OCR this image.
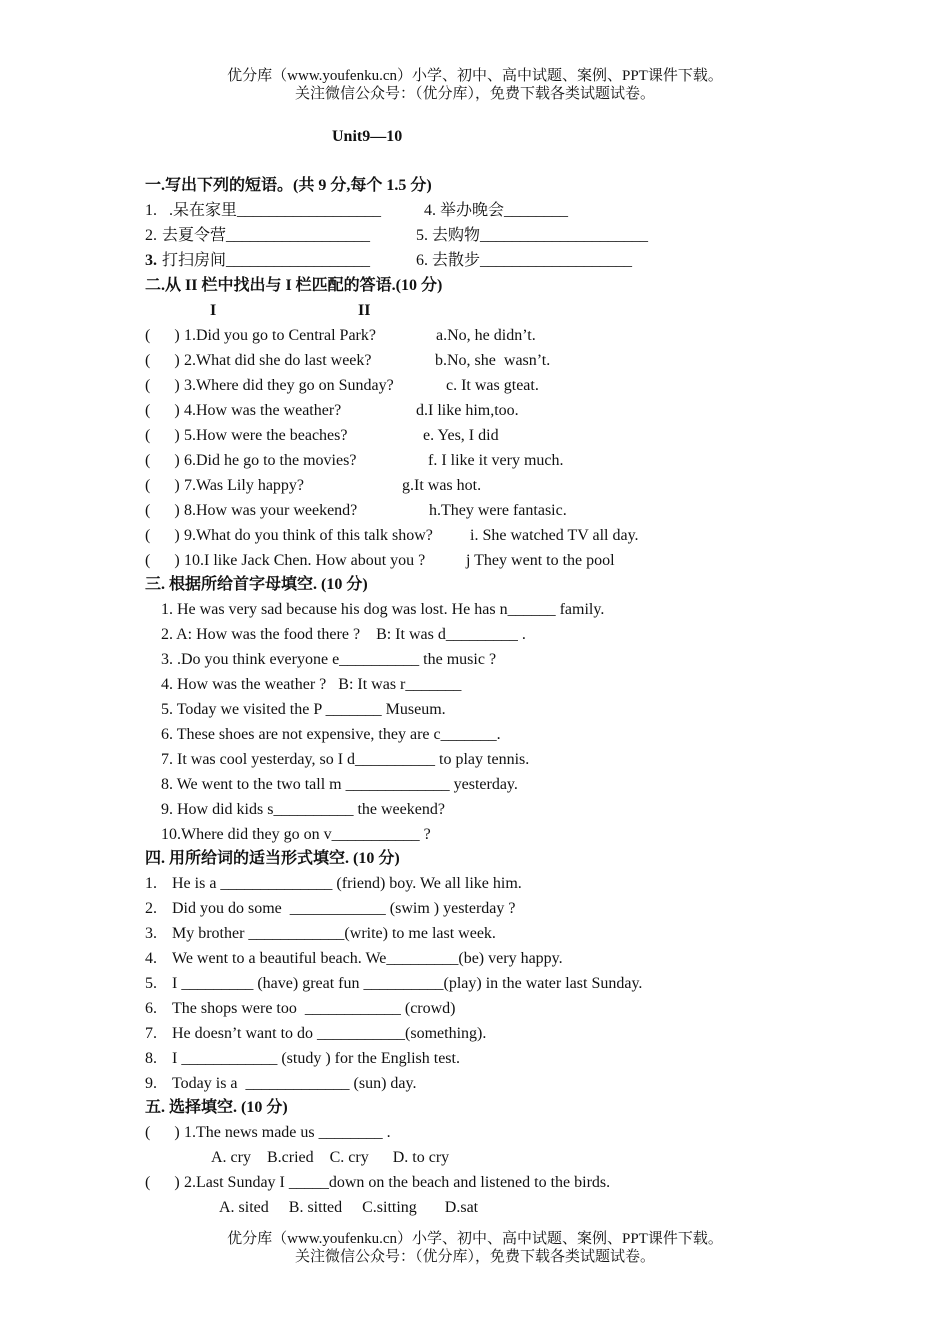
优分库（www.youfenku.cn）小学、初中、高中试题、案例、PPT课件下载。
关注微信公众号：（优分库），免费下载各类试题试卷。
Unit9—10
一.写出下列的短语。(共 9 分,每个 1.5 分)
1. .呆在家里__________________	4. 举办晚会________
2. 去夏令营__________________	5. 去购物_____________________
3. 打扫房间__________________	6. 去散步___________________
二.从 II 栏中找出与 I 栏匹配的答语.(10 分)
I	II
(      ) 1.Did you go to Central Park?	a.No, he didn’t.
(      ) 2.What did she do last week?	b.No, she  wasn’t.
(      ) 3.Where did they go on Sunday?	c. It was gteat.
(      ) 4.How was the weather?	d.I like him,too.
(      ) 5.How were the beaches?	e. Yes, I did
(      ) 6.Did he go to the movies?	f. I like it very much.
(      ) 7.Was Lily happy?	g.It was hot.
(      ) 8.How was your weekend?	h.They were fantasic.
(      ) 9.What do you think of this talk show? i. She watched TV all day.
(      ) 10.I like Jack Chen. How about you ?	j They went to the pool
三. 根据所给首字母填空. (10 分)
1. He was very sad because his dog was lost. He has n______ family.
2. A: How was the food there ?    B: It was d_________ .
3. .Do you think everyone e__________ the music ?
4. How was the weather ?   B: It was r_______
5. Today we visited the P _______ Museum.
6. These shoes are not expensive, they are c_______.
7. It was cool yesterday, so I d__________ to play tennis.
8. We went to the two tall m _____________ yesterday.
9. How did kids s__________ the weekend?
10.Where did they go on v___________ ?
四. 用所给词的适当形式填空. (10 分)
1. He is a ______________ (friend) boy. We all like him.
2. Did you do some  ____________ (swim ) yesterday ?
3. My brother ____________(write) to me last week.
4. We went to a beautiful beach. We_________(be) very happy.
5. I _________ (have) great fun __________(play) in the water last Sunday.
6. The shops were too  ____________ (crowd)
7. He doesn’t want to do ___________(something).
8. I ____________ (study ) for the English test.
9. Today is a  _____________ (sun) day.
五. 选择填空. (10 分)
(      ) 1.The news made us ________ .
A. cry    B.cried    C. cry      D. to cry
(      ) 2.Last Sunday I _____down on the beach and listened to the birds.
A. sited     B. sitted     C.sitting       D.sat
优分库（www.youfenku.cn）小学、初中、高中试题、案例、PPT课件下载。
关注微信公众号：（优分库），免费下载各类试题试卷。
